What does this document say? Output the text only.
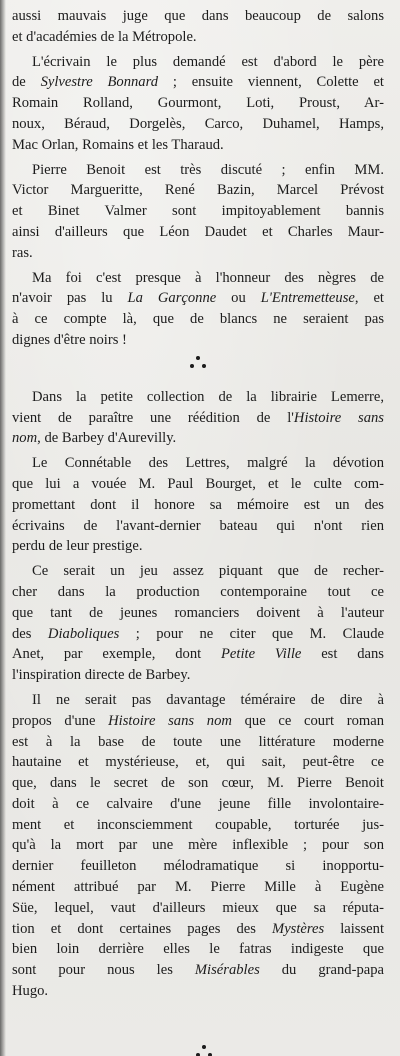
aussi mauvais juge que dans beaucoup de salons
et d'académies de la Métropole.
L'écrivain le plus demandé est d'abord le père
de Sylvestre Bonnard ; ensuite viennent, Colette et
Romain Rolland, Gourmont, Loti, Proust, Ar-
noux, Béraud, Dorgelès, Carco, Duhamel, Hamps,
Mac Orlan, Romains et les Tharaud.
Pierre Benoit est très discuté ; enfin MM.
Victor Margueritte, René Bazin, Marcel Prévost
et Binet Valmer sont impitoyablement bannis
ainsi d'ailleurs que Léon Daudet et Charles Maur-
ras.
Ma foi c'est presque à l'honneur des nègres de
n'avoir pas lu La Garçonne ou L'Entremetteuse, et
à ce compte là, que de blancs ne seraient pas
dignes d'être noirs !
Dans la petite collection de la librairie Lemerre,
vient de paraître une réédition de l'Histoire sans
nom, de Barbey d'Aurevilly.
Le Connétable des Lettres, malgré la dévotion
que lui a vouée M. Paul Bourget, et le culte com-
promettant dont il honore sa mémoire est un des
écrivains de l'avant-dernier bateau qui n'ont rien
perdu de leur prestige.
Ce serait un jeu assez piquant que de recher-
cher dans la production contemporaine tout ce
que tant de jeunes romanciers doivent à l'auteur
des Diaboliques ; pour ne citer que M. Claude
Anet, par exemple, dont Petite Ville est dans
l'inspiration directe de Barbey.
Il ne serait pas davantage téméraire de dire à
propos d'une Histoire sans nom que ce court roman
est à la base de toute une littérature moderne
hautaine et mystérieuse, et, qui sait, peut-être ce
que, dans le secret de son cœur, M. Pierre Benoit
doit à ce calvaire d'une jeune fille involontaire-
ment et inconsciemment coupable, torturée jus-
qu'à la mort par une mère inflexible ; pour son
dernier feuilleton mélodramatique si inopportu-
nément attribué par M. Pierre Mille à Eugène
Süe, lequel, vaut d'ailleurs mieux que sa réputa-
tion et dont certaines pages des Mystères laissent
bien loin derrière elles le fatras indigeste que
sont pour nous les Misérables du grand-papa
Hugo.
